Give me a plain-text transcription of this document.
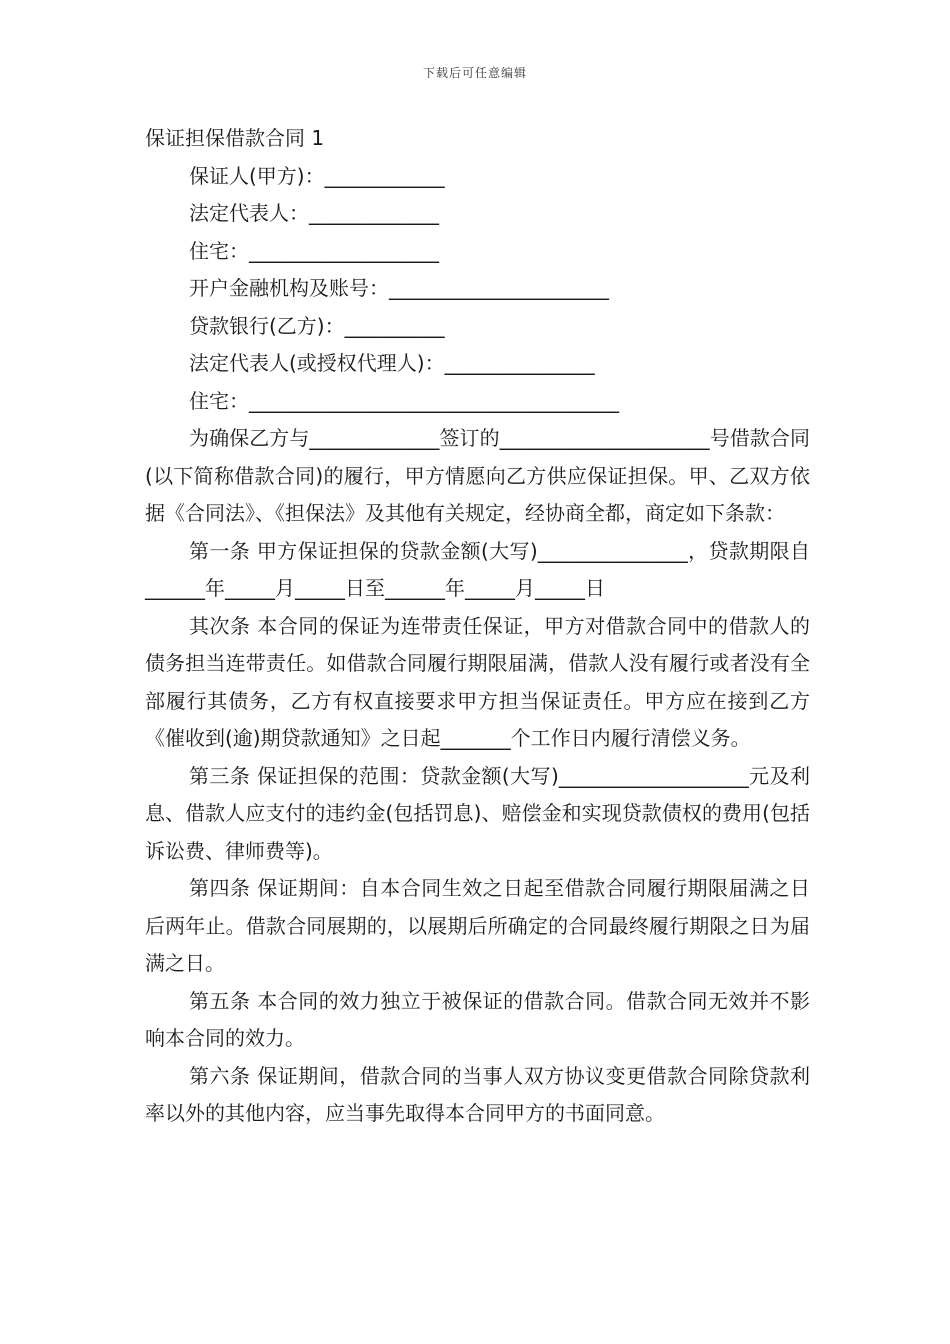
下载后可任意编辑
保证担保借款合同 1
保证人(甲方)：____________
法定代表人：_____________
住宅：___________________
开户金融机构及账号：______________________
贷款银行(乙方)：__________
法定代表人(或授权代理人)：_______________
住宅：_____________________________________
为确保乙方与_____________签订的_____________________号借款合同(以下简称借款合同)的履行，甲方情愿向乙方供应保证担保。甲、乙双方依据《合同法》、《担保法》及其他有关规定，经协商全都，商定如下条款：
第一条 甲方保证担保的贷款金额(大写)_______________，贷款期限自______年_____月_____日至______年_____月_____日
其次条 本合同的保证为连带责任保证，甲方对借款合同中的借款人的债务担当连带责任。如借款合同履行期限届满，借款人没有履行或者没有全部履行其债务，乙方有权直接要求甲方担当保证责任。甲方应在接到乙方《催收到(逾)期贷款通知》之日起_______个工作日内履行清偿义务。
第三条 保证担保的范围：贷款金额(大写)___________________元及利息、借款人应支付的违约金(包括罚息)、赔偿金和实现贷款债权的费用(包括诉讼费、律师费等)。
第四条 保证期间：自本合同生效之日起至借款合同履行期限届满之日后两年止。借款合同展期的，以展期后所确定的合同最终履行期限之日为届满之日。
第五条 本合同的效力独立于被保证的借款合同。借款合同无效并不影响本合同的效力。
第六条 保证期间，借款合同的当事人双方协议变更借款合同除贷款利率以外的其他内容，应当事先取得本合同甲方的书面同意。
